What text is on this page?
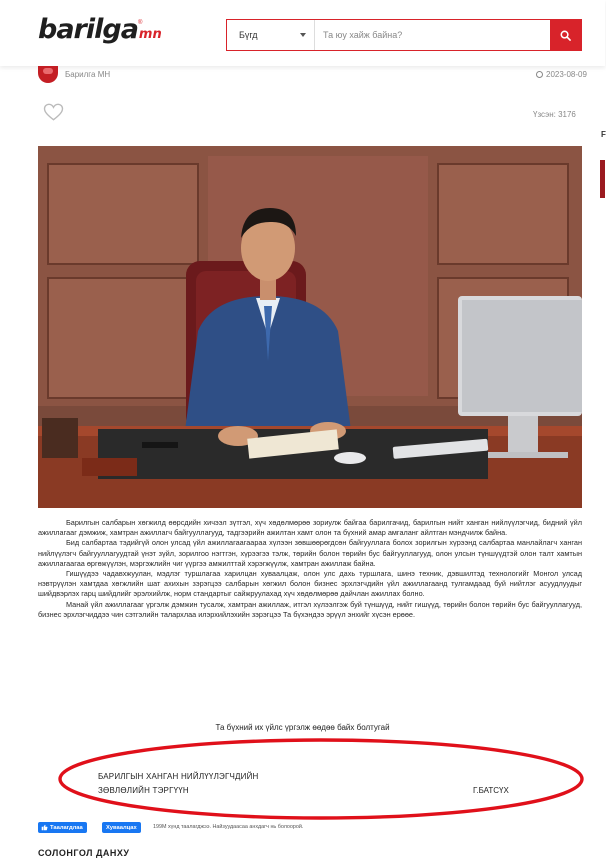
barilga mn
®
Бүгд
Та юу хайж байна?
Барилга МН	2023-08-09
Үзсэн: 3176
F

Барилгын салбарын хөгжилд өөрсдийн хичээл зүтгэл, хүч хөдөлмөрөө зориулж байгаа барилгачид, барилгын нийт ханган нийлүүлэгчид, бидний үйл ажиллагааг дэмжиж, хамтран ажиллагч байгууллагууд, тадгээрийн ажилтан хамт олон та бүхний амар амгаланг айлтган мэндчилж байна.

Бид салбартаа тэдийгүй олон улсад үйл ажиллагаагаараа хүлээн зөвшөөрөгдсөн байгууллага болох зорилгын хүрээнд салбартаа манлайлагч ханган нийлүүлэгч байгууллагуудтай үнэт зүйл, зорилгоо нэгтгэн, хүрээгээ тэлж, төрийн болон төрийн бус байгууллагууд, олон улсын түншүүдтэй олон талт хамтын ажиллагаагаа өргөжүүлэн, мэргэжлийн чиг үүргээ амжилттай хэрэгжүүлж, хамтран ажиллаж байна.

Гишүүдээ чадавхжуулан, мэдлэг туршлагаа харилцан хуваалцаж, олон улс дахь туршлага, шинэ техник, дэвшилтэд технологийг Монгол улсад нэвтрүүлэн хамтдаа хөгжлийн шат ахихын зэрэгцээ салбарын хөгжил болон бизнес эрхлэгчдийн үйл ажиллагаанд тулгамдаад буй нийтлэг асуудлуудыг шийдвэрлэх гарц шийдлийг эрэлхийлж, норм стандартыг сайжруулахад хүч хөдөлмөрөө дайчлан ажиллах болно.

Манай үйл ажиллагааг үргэлж дэмжин тусалж, хамтран ажиллаж, итгэл хүлээлгэж буй түншүүд, нийт гишүүд, төрийн болон төрийн бус байгууллагууд, бизнес эрхлэгчиддээ чин сэтгэлийн талархлаа илэрхийлэхийн зэрэгцээ Та бүхэндээ эрүүл энхийг хүсэн ерөөе.

Та бүхний их үйлс үргэлж өөдөө байх болтугай
БАРИЛГЫН ХАНГАН НИЙЛҮҮЛЭГЧДИЙН
ЗӨВЛӨЛИЙН ТЭРГҮҮН	Г.БАТСҮХ
Таалагдлаа	Хуваалцах	199М хүнд таалагджээ. Найзуудаасаа анхдагч нь болоорой.
СОЛОНГОЛ ДАНХУ
